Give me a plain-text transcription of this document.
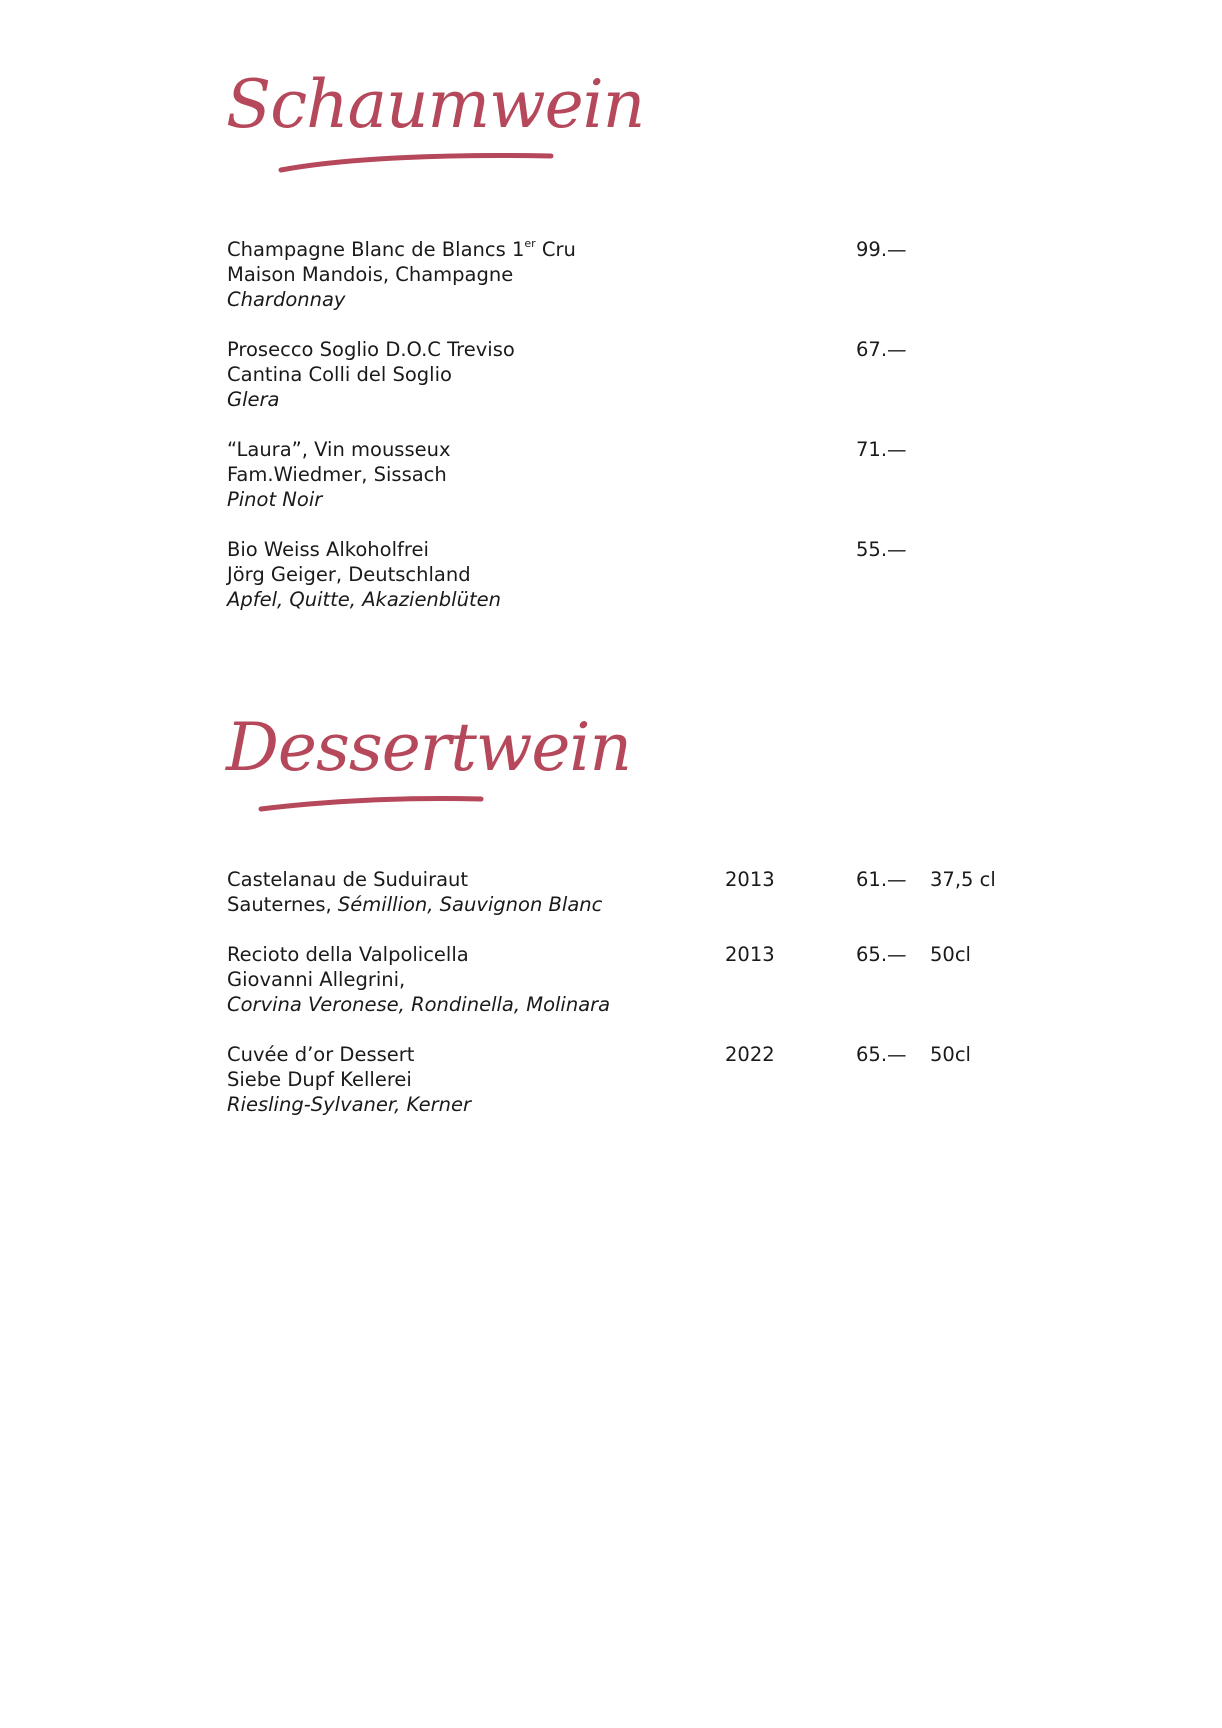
Schaumwein
Champagne Blanc de Blancs 1er Cru
Maison Mandois, Champagne
Chardonnay
99.—
Prosecco Soglio D.O.C Treviso
Cantina Colli del Soglio
Glera
67.—
“Laura”, Vin mousseux
Fam.Wiedmer, Sissach
Pinot Noir
71.—
Bio Weiss Alkoholfrei
Jörg Geiger, Deutschland
Apfel, Quitte, Akazienblüten
55.—
Dessertwein
Castelanau de Suduiraut
Sauternes, Sémillion, Sauvignon Blanc
2013	61.— 37,5 cl
Recioto della Valpolicella
Giovanni Allegrini,
Corvina Veronese, Rondinella, Molinara
2013	65.— 50cl
Cuvée d’or Dessert
Siebe Dupf Kellerei
Riesling-Sylvaner, Kerner
2022	65.— 50cl
